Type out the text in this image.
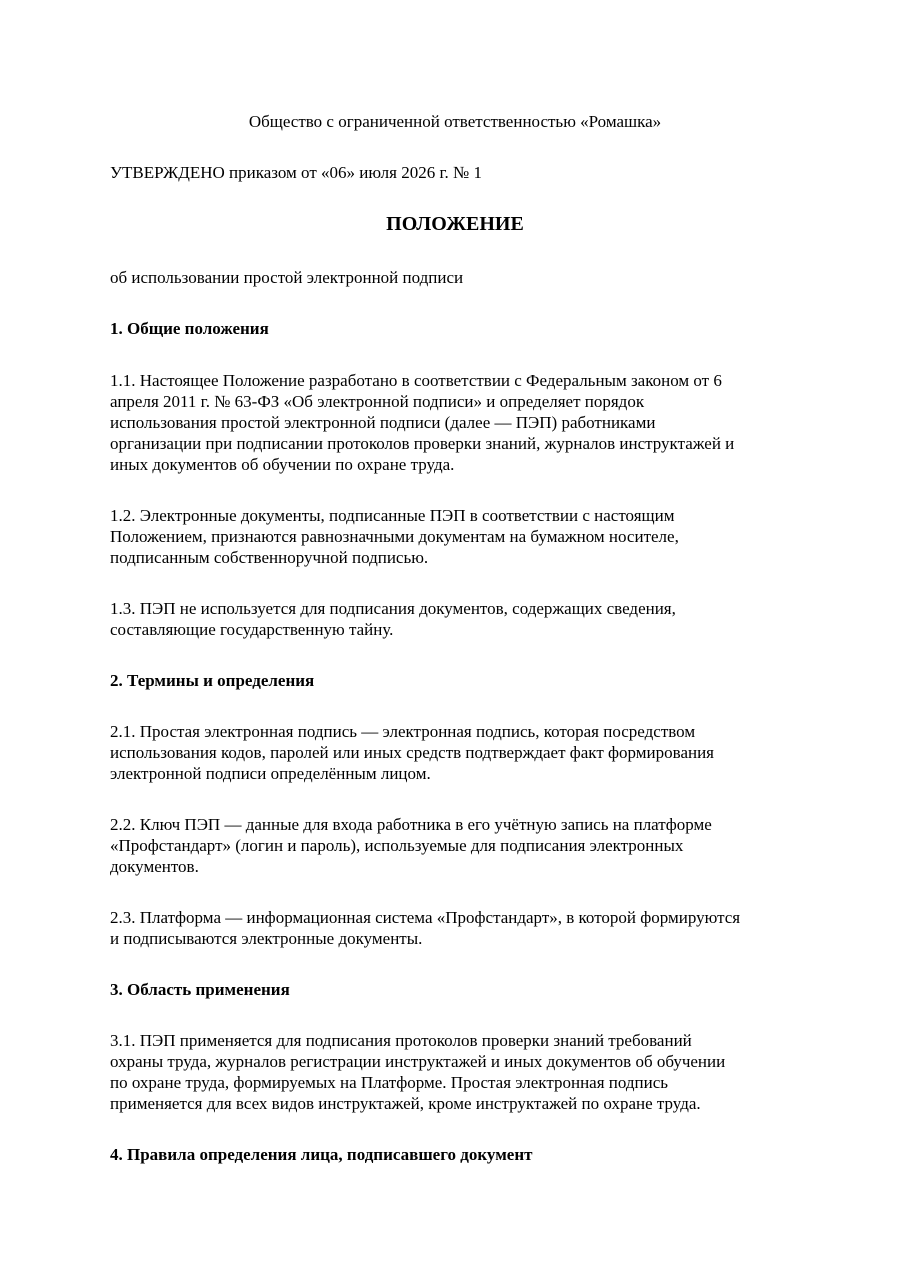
Общество с ограниченной ответственностью «Ромашка»

УТВЕРЖДЕНО приказом от «06» июля 2026 г. № 1

ПОЛОЖЕНИЕ

об использовании простой электронной подписи

1. Общие положения

1.1. Настоящее Положение разработано в соответствии с Федеральным законом от 6

апреля 2011 г. № 63-ФЗ «Об электронной подписи» и определяет порядок

использования простой электронной подписи (далее — ПЭП) работниками

организации при подписании протоколов проверки знаний, журналов инструктажей и

иных документов об обучении по охране труда.

1.2. Электронные документы, подписанные ПЭП в соответствии с настоящим

Положением, признаются равнозначными документам на бумажном носителе,

подписанным собственноручной подписью.

1.3. ПЭП не используется для подписания документов, содержащих сведения,

составляющие государственную тайну.

2. Термины и определения

2.1. Простая электронная подпись — электронная подпись, которая посредством

использования кодов, паролей или иных средств подтверждает факт формирования

электронной подписи определённым лицом.

2.2. Ключ ПЭП — данные для входа работника в его учётную запись на платформе

«Профстандарт» (логин и пароль), используемые для подписания электронных

документов.

2.3. Платформа — информационная система «Профстандарт», в которой формируются

и подписываются электронные документы.

3. Область применения

3.1. ПЭП применяется для подписания протоколов проверки знаний требований

охраны труда, журналов регистрации инструктажей и иных документов об обучении

по охране труда, формируемых на Платформе. Простая электронная подпись

применяется для всех видов инструктажей, кроме инструктажей по охране труда.

4. Правила определения лица, подписавшего документ
